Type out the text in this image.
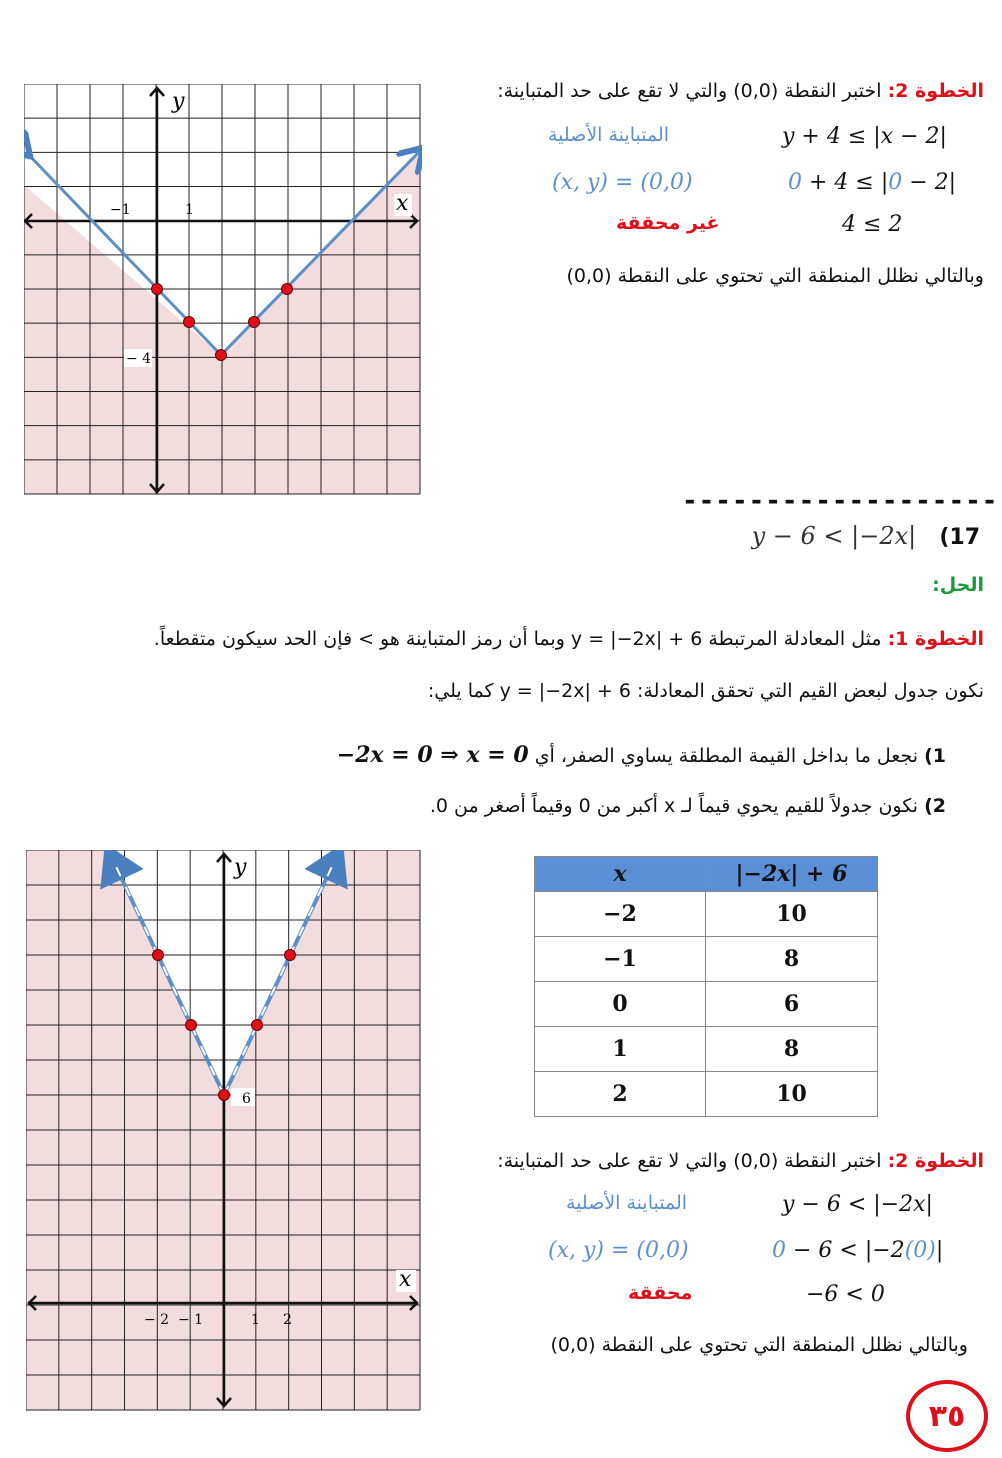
y
x
−1	1
− 4
الخطوة 2: اختبر النقطة (0,0) والتي لا تقع على حد المتباينة:
y + 4 ≤ |x − 2|
المتباينة الأصلية
0 + 4 ≤ |0 − 2|
(x, y) = (0,0)
4 ≤ 2
غير محققة
وبالتالي نظلل المنطقة التي تحتوي على النقطة (0,0)
-------------------
y − 6 < |−2x| (17
الحل:
الخطوة 1: مثل المعادلة المرتبطة y = |−2x| + 6 وبما أن رمز المتباينة هو > فإن الحد سيكون متقطعاً.
نكون جدول لبعض القيم التي تحقق المعادلة: y = |−2x| + 6 كما يلي:
1) نجعل ما بداخل القيمة المطلقة يساوي الصفر، أي −2x = 0 ⇒ x = 0
2) نكون جدولاً للقيم يحوي قيماً لـ x أكبر من 0 وقيماً أصغر من 0.
x	|−2x| + 6
−2	10
−1	8
0	6
1	8
2	10
y
x
6
− 2 − 1	1 2
الخطوة 2: اختبر النقطة (0,0) والتي لا تقع على حد المتباينة:
y − 6 < |−2x|
المتباينة الأصلية
0 − 6 < |−2(0)|
(x, y) = (0,0)
−6 < 0
محققة
وبالتالي نظلل المنطقة التي تحتوي على النقطة (0,0)
٣٥
